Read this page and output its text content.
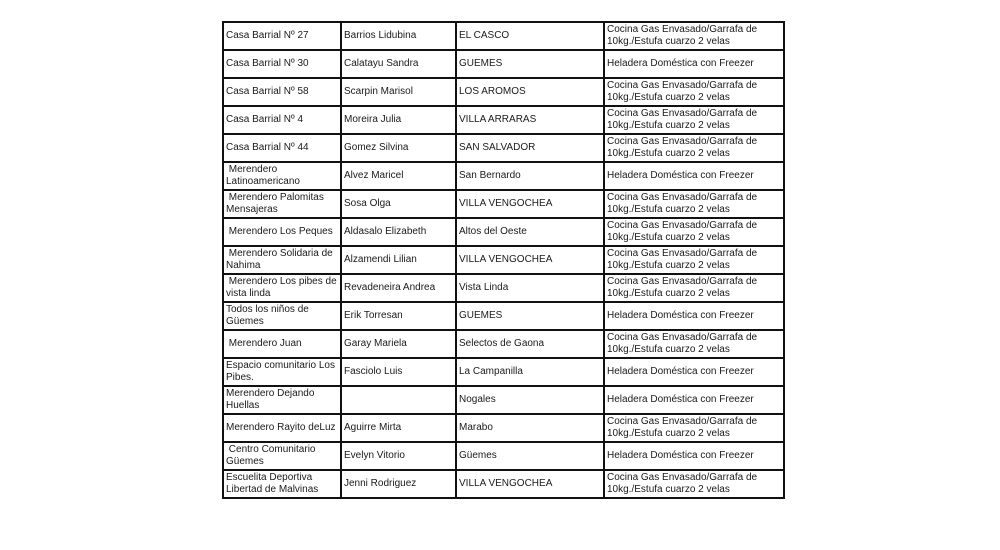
Casa Barrial Nº 27	Barrios Lidubina	EL CASCO	Cocina Gas Envasado/Garrafa de 10kg./Estufa cuarzo 2 velas
Casa Barrial Nº 30	Calatayu Sandra	GUEMES	Heladera Doméstica con Freezer
Casa Barrial Nº 58	Scarpin Marisol	LOS AROMOS	Cocina Gas Envasado/Garrafa de 10kg./Estufa cuarzo 2 velas
Casa Barrial Nº 4	Moreira Julia	VILLA ARRARAS	Cocina Gas Envasado/Garrafa de 10kg./Estufa cuarzo 2 velas
Casa Barrial Nº 44	Gomez Silvina	SAN SALVADOR	Cocina Gas Envasado/Garrafa de 10kg./Estufa cuarzo 2 velas
Merendero Latinoamericano	Alvez Maricel	San Bernardo	Heladera Doméstica con Freezer
Merendero Palomitas Mensajeras	Sosa Olga	VILLA VENGOCHEA	Cocina Gas Envasado/Garrafa de 10kg./Estufa cuarzo 2 velas
Merendero Los Peques	Aldasalo Elizabeth	Altos del Oeste	Cocina Gas Envasado/Garrafa de 10kg./Estufa cuarzo 2 velas
Merendero Solidaria de Nahima	Alzamendi Lilian	VILLA VENGOCHEA	Cocina Gas Envasado/Garrafa de 10kg./Estufa cuarzo 2 velas
Merendero Los pibes de vista linda	Revadeneira Andrea	Vista Linda	Cocina Gas Envasado/Garrafa de 10kg./Estufa cuarzo 2 velas
Todos los niños de Güemes	Erik Torresan	GUEMES	Heladera Doméstica con Freezer
Merendero Juan	Garay Mariela	Selectos de Gaona	Cocina Gas Envasado/Garrafa de 10kg./Estufa cuarzo 2 velas
Espacio comunitario Los Pibes.	Fasciolo Luis	La Campanilla	Heladera Doméstica con Freezer
Merendero Dejando Huellas		Nogales	Heladera Doméstica con Freezer
Merendero Rayito deLuz	Aguirre Mirta	Marabo	Cocina Gas Envasado/Garrafa de 10kg./Estufa cuarzo 2 velas
Centro Comunitario Güemes	Evelyn Vitorio	Güemes	Heladera Doméstica con Freezer
Escuelita Deportiva Libertad de Malvinas	Jenni Rodriguez	VILLA VENGOCHEA	Cocina Gas Envasado/Garrafa de 10kg./Estufa cuarzo 2 velas
